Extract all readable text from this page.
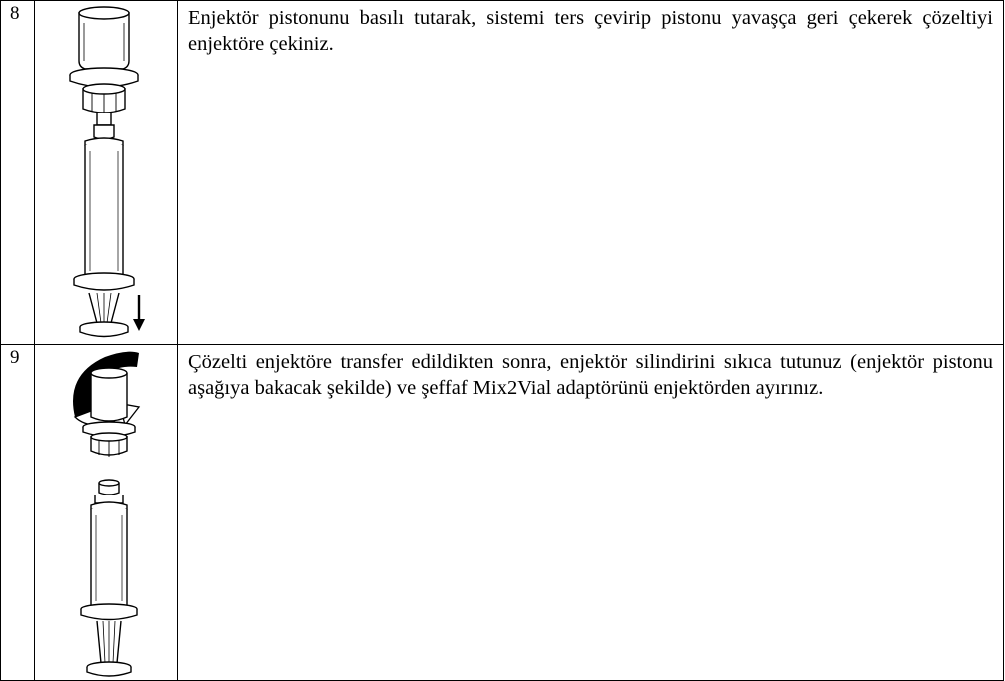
8		Enjektör pistonunu basılı tutarak, sistemi ters çevirip pistonu yavaşça geri çekerek çözeltiyi enjektöre çekiniz.
9		Çözelti enjektöre transfer edildikten sonra, enjektör silindirini sıkıca tutunuz (enjektör pistonu aşağıya bakacak şekilde) ve şeffaf Mix2Vial adaptörünü enjektörden ayırınız.
